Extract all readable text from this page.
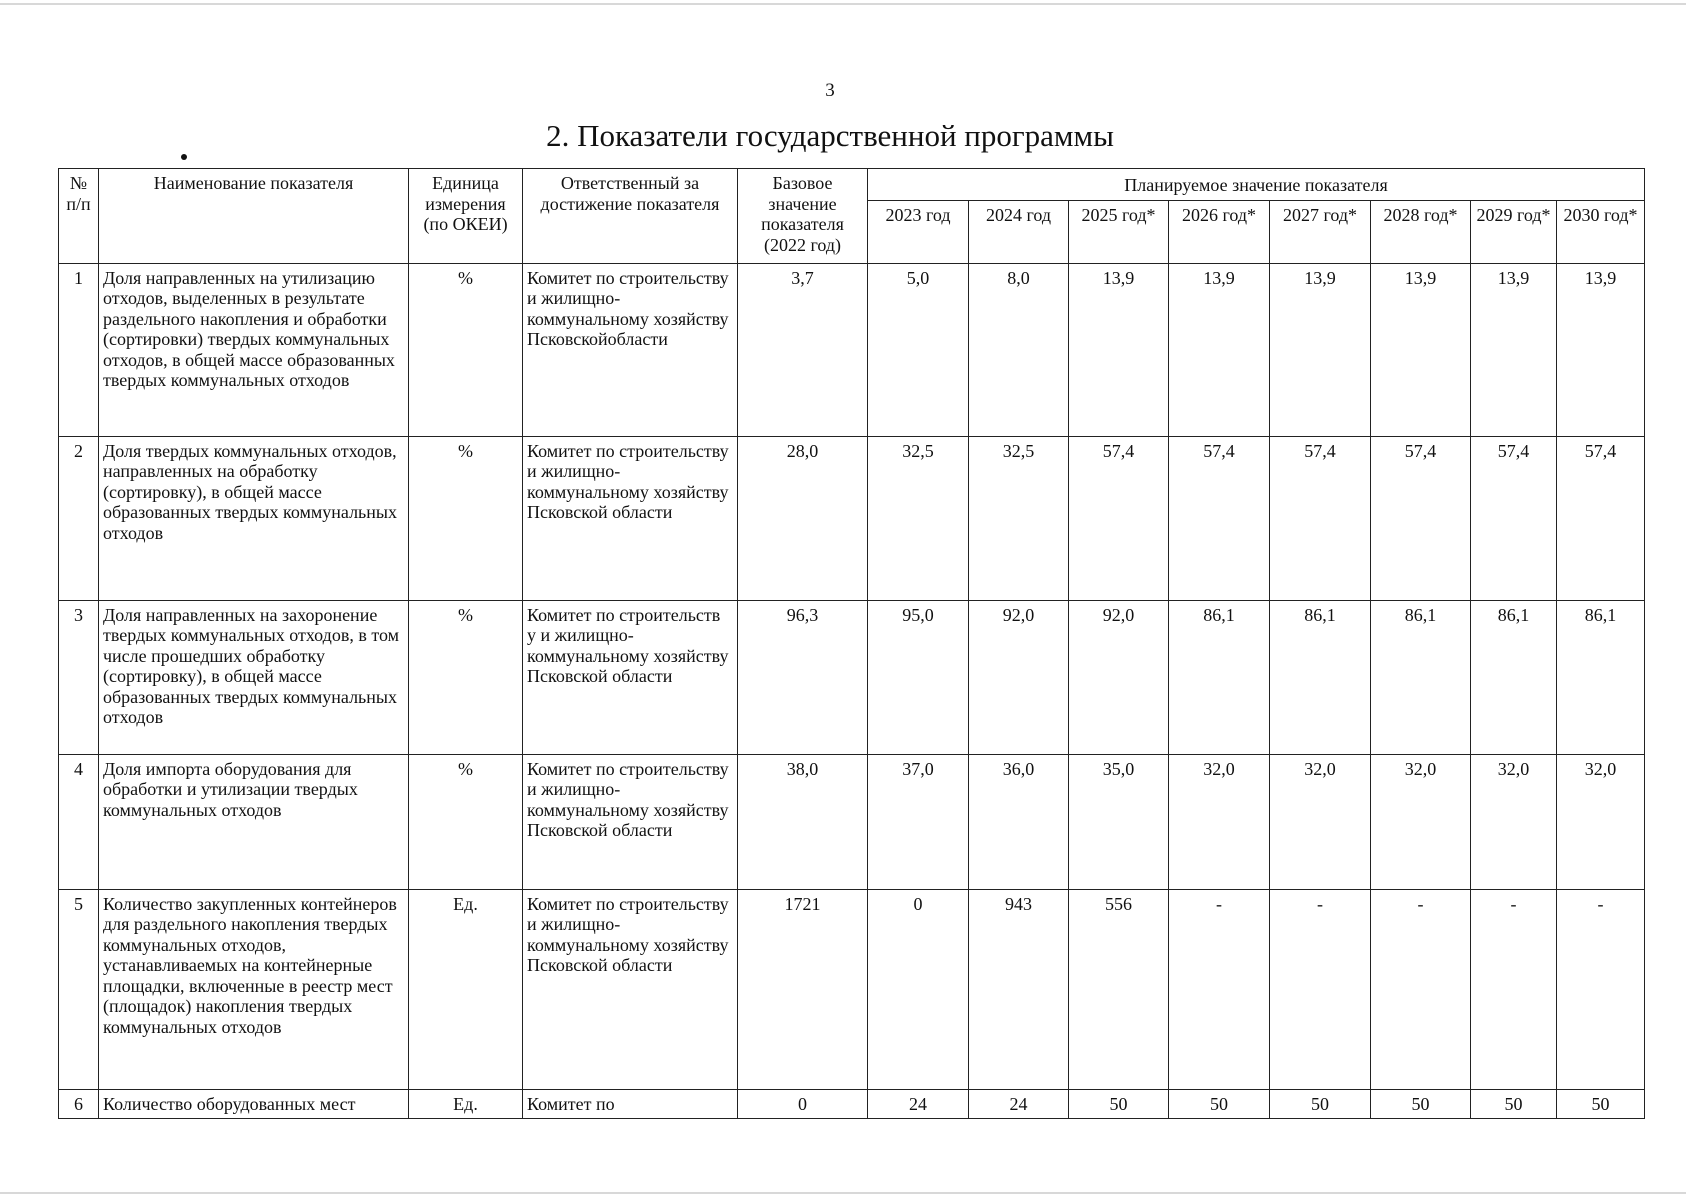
3
2. Показатели государственной программы
№ п/п	Наименование показателя	Единица измерения (по ОКЕИ)	Ответственный за достижение показателя	Базовое значение показателя (2022 год)	Планируемое значение показателя							
					2023 год	2024 год	2025 год*	2026 год*	2027 год*	2028 год*	2029 год*	2030 год*
1	Доля направленных на утилизацию отходов, выделенных в результате раздельного накопления и обработки (сортировки) твердых коммунальных отходов, в общей массе образованных твердых коммунальных отходов	%	Комитет по строительству и жилищно-коммунальному хозяйству Псковскойобласти	3,7	5,0	8,0	13,9	13,9	13,9	13,9	13,9	13,9
2	Доля твердых коммунальных отходов, направленных на обработку (сортировку), в общей массе образованных твердых коммунальных отходов	%	Комитет по строительству и жилищно-коммунальному хозяйству Псковской области	28,0	32,5	32,5	57,4	57,4	57,4	57,4	57,4	57,4
3	Доля направленных на захоронение твердых коммунальных отходов, в том числе прошедших обработку (сортировку), в общей массе образованных твердых коммунальных отходов	%	Комитет по строительств у и жилищно-коммунальному хозяйству Псковской области	96,3	95,0	92,0	92,0	86,1	86,1	86,1	86,1	86,1
4	Доля импорта оборудования для обработки и утилизации твердых коммунальных отходов	%	Комитет по строительству и жилищно-коммунальному хозяйству Псковской области	38,0	37,0	36,0	35,0	32,0	32,0	32,0	32,0	32,0
5	Количество закупленных контейнеров для раздельного накопления твердых коммунальных отходов, устанавливаемых на контейнерные площадки, включенные в реестр мест (площадок) накопления твердых коммунальных отходов	Ед.	Комитет по строительству и жилищно-коммунальному хозяйству Псковской области	1721	0	943	556	-	-	-	-	-
6	Количество оборудованных мест	Ед.	Комитет по	0	24	24	50	50	50	50	50	50
